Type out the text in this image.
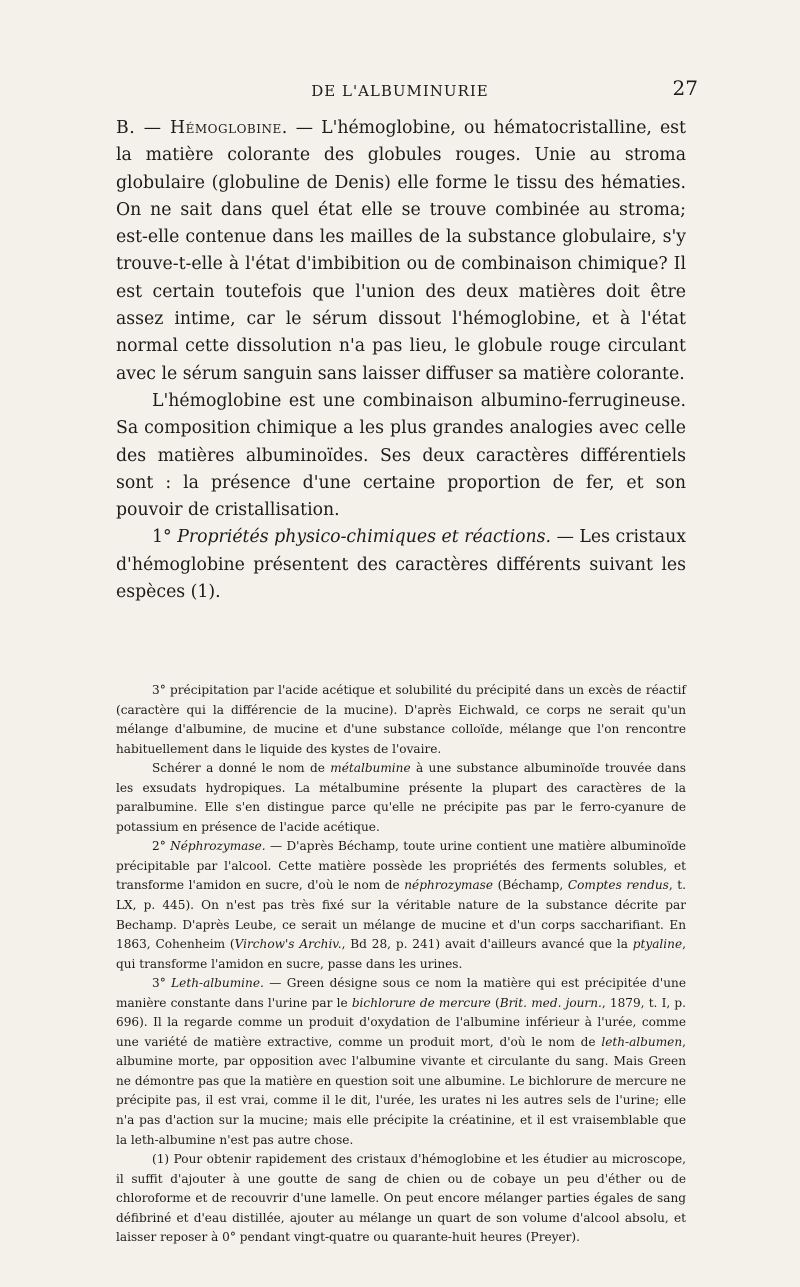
DE L'ALBUMINURIE	27

B. — Hémoglobine. — L'hémoglobine, ou hématocristalline, est la matière colorante des globules rouges. Unie au stroma globulaire (globuline de Denis) elle forme le tissu des hématies. On ne sait dans quel état elle se trouve combinée au stroma; est-elle contenue dans les mailles de la substance globulaire, s'y trouve-t-elle à l'état d'imbibition ou de combinaison chimique? Il est certain toutefois que l'union des deux matières doit être assez intime, car le sérum dissout l'hémoglobine, et à l'état normal cette dissolution n'a pas lieu, le globule rouge circulant avec le sérum sanguin sans laisser diffuser sa matière colorante.

L'hémoglobine est une combinaison albumino-ferrugineuse. Sa composition chimique a les plus grandes analogies avec celle des matières albuminoïdes. Ses deux caractères différentiels sont : la présence d'une certaine proportion de fer, et son pouvoir de cristallisation.

1° Propriétés physico-chimiques et réactions. — Les cristaux d'hémoglobine présentent des caractères différents suivant les espèces (1).

3° précipitation par l'acide acétique et solubilité du précipité dans un excès de réactif (caractère qui la différencie de la mucine). D'après Eichwald, ce corps ne serait qu'un mélange d'albumine, de mucine et d'une substance colloïde, mélange que l'on rencontre habituellement dans le liquide des kystes de l'ovaire.

Schérer a donné le nom de métalbumine à une substance albuminoïde trouvée dans les exsudats hydropiques. La métalbumine présente la plupart des caractères de la paralbumine. Elle s'en distingue parce qu'elle ne précipite pas par le ferro-cyanure de potassium en présence de l'acide acétique.

2° Néphrozymase. — D'après Béchamp, toute urine contient une matière albuminoïde précipitable par l'alcool. Cette matière possède les propriétés des ferments solubles, et transforme l'amidon en sucre, d'où le nom de néphrozymase (Béchamp, Comptes rendus, t. LX, p. 445). On n'est pas très fixé sur la véritable nature de la substance décrite par Bechamp. D'après Leube, ce serait un mélange de mucine et d'un corps saccharifiant. En 1863, Cohenheim (Virchow's Archiv., Bd 28, p. 241) avait d'ailleurs avancé que la ptyaline, qui transforme l'amidon en sucre, passe dans les urines.

3° Leth-albumine. — Green désigne sous ce nom la matière qui est précipitée d'une manière constante dans l'urine par le bichlorure de mercure (Brit. med. journ., 1879, t. I, p. 696). Il la regarde comme un produit d'oxydation de l'albumine inférieur à l'urée, comme une variété de matière extractive, comme un produit mort, d'où le nom de leth-albumen, albumine morte, par opposition avec l'albumine vivante et circulante du sang. Mais Green ne démontre pas que la matière en question soit une albumine. Le bichlorure de mercure ne précipite pas, il est vrai, comme il le dit, l'urée, les urates ni les autres sels de l'urine; elle n'a pas d'action sur la mucine; mais elle précipite la créatinine, et il est vraisemblable que la leth-albumine n'est pas autre chose.

(1) Pour obtenir rapidement des cristaux d'hémoglobine et les étudier au microscope, il suffit d'ajouter à une goutte de sang de chien ou de cobaye un peu d'éther ou de chloroforme et de recouvrir d'une lamelle. On peut encore mélanger parties égales de sang défibriné et d'eau distillée, ajouter au mélange un quart de son volume d'alcool absolu, et laisser reposer à 0° pendant vingt-quatre ou quarante-huit heures (Preyer).
